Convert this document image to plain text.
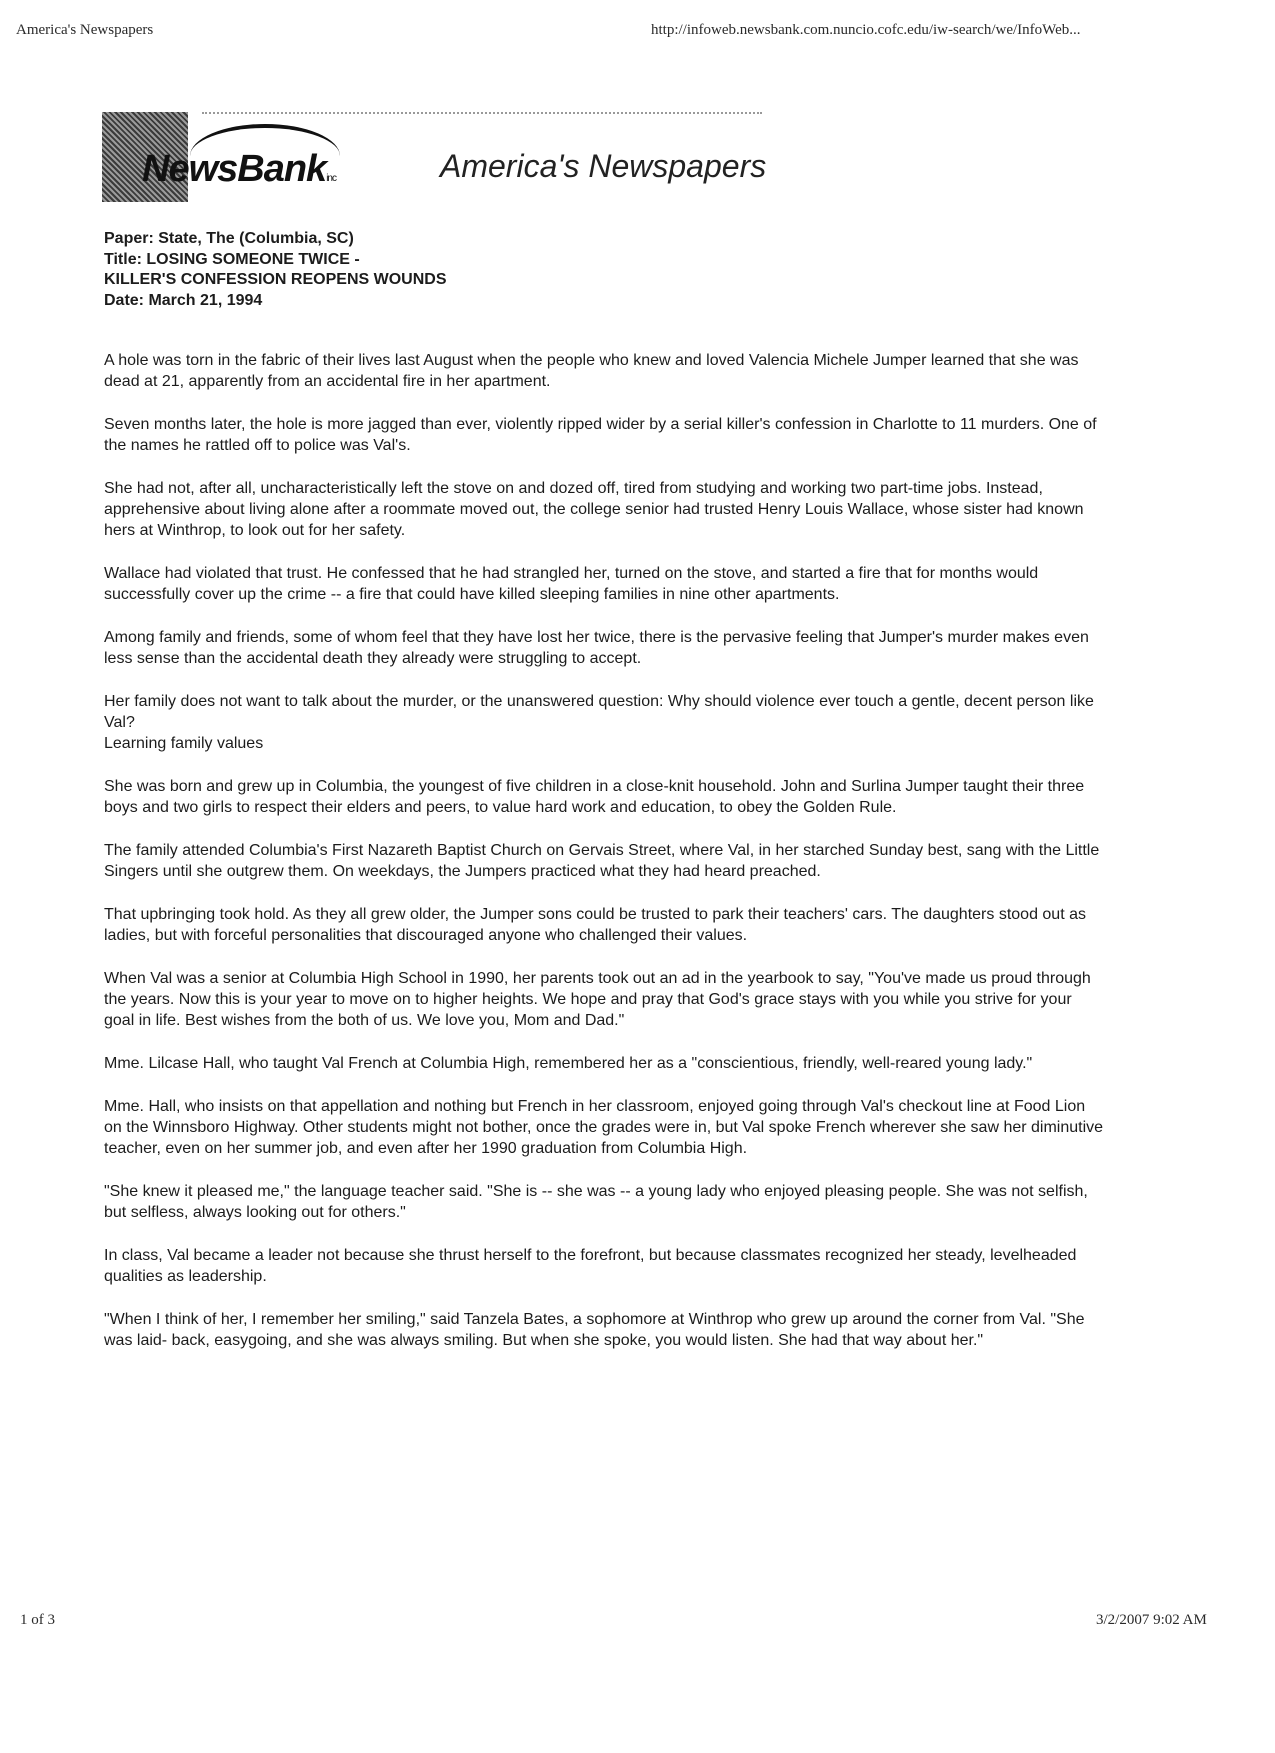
America's Newspapers	http://infoweb.newsbank.com.nuncio.cofc.edu/iw-search/we/InfoWeb...
NewsBankinc	America's Newspapers
Paper: State, The (Columbia, SC)
Title: LOSING SOMEONE TWICE -
KILLER'S CONFESSION REOPENS WOUNDS
Date: March 21, 1994

A hole was torn in the fabric of their lives last August when the people who knew and loved Valencia Michele Jumper learned that she was dead at 21, apparently from an accidental fire in her apartment.

Seven months later, the hole is more jagged than ever, violently ripped wider by a serial killer's confession in Charlotte to 11 murders. One of the names he rattled off to police was Val's.

She had not, after all, uncharacteristically left the stove on and dozed off, tired from studying and working two part-time jobs. Instead, apprehensive about living alone after a roommate moved out, the college senior had trusted Henry Louis Wallace, whose sister had known hers at Winthrop, to look out for her safety.

Wallace had violated that trust. He confessed that he had strangled her, turned on the stove, and started a fire that for months would successfully cover up the crime -- a fire that could have killed sleeping families in nine other apartments.

Among family and friends, some of whom feel that they have lost her twice, there is the pervasive feeling that Jumper's murder makes even less sense than the accidental death they already were struggling to accept.

Her family does not want to talk about the murder, or the unanswered question: Why should violence ever touch a gentle, decent person like Val?

Learning family values

She was born and grew up in Columbia, the youngest of five children in a close-knit household. John and Surlina Jumper taught their three boys and two girls to respect their elders and peers, to value hard work and education, to obey the Golden Rule.

The family attended Columbia's First Nazareth Baptist Church on Gervais Street, where Val, in her starched Sunday best, sang with the Little Singers until she outgrew them. On weekdays, the Jumpers practiced what they had heard preached.

That upbringing took hold. As they all grew older, the Jumper sons could be trusted to park their teachers' cars. The daughters stood out as ladies, but with forceful personalities that discouraged anyone who challenged their values.

When Val was a senior at Columbia High School in 1990, her parents took out an ad in the yearbook to say, "You've made us proud through the years. Now this is your year to move on to higher heights. We hope and pray that God's grace stays with you while you strive for your goal in life. Best wishes from the both of us. We love you, Mom and Dad."

Mme. Lilcase Hall, who taught Val French at Columbia High, remembered her as a "conscientious, friendly, well-reared young lady."

Mme. Hall, who insists on that appellation and nothing but French in her classroom, enjoyed going through Val's checkout line at Food Lion on the Winnsboro Highway. Other students might not bother, once the grades were in, but Val spoke French wherever she saw her diminutive teacher, even on her summer job, and even after her 1990 graduation from Columbia High.

"She knew it pleased me," the language teacher said. "She is -- she was -- a young lady who enjoyed pleasing people. She was not selfish, but selfless, always looking out for others."

In class, Val became a leader not because she thrust herself to the forefront, but because classmates recognized her steady, levelheaded qualities as leadership.

"When I think of her, I remember her smiling," said Tanzela Bates, a sophomore at Winthrop who grew up around the corner from Val. "She was laid- back, easygoing, and she was always smiling. But when she spoke, you would listen. She had that way about her."

1 of 3	3/2/2007 9:02 AM
